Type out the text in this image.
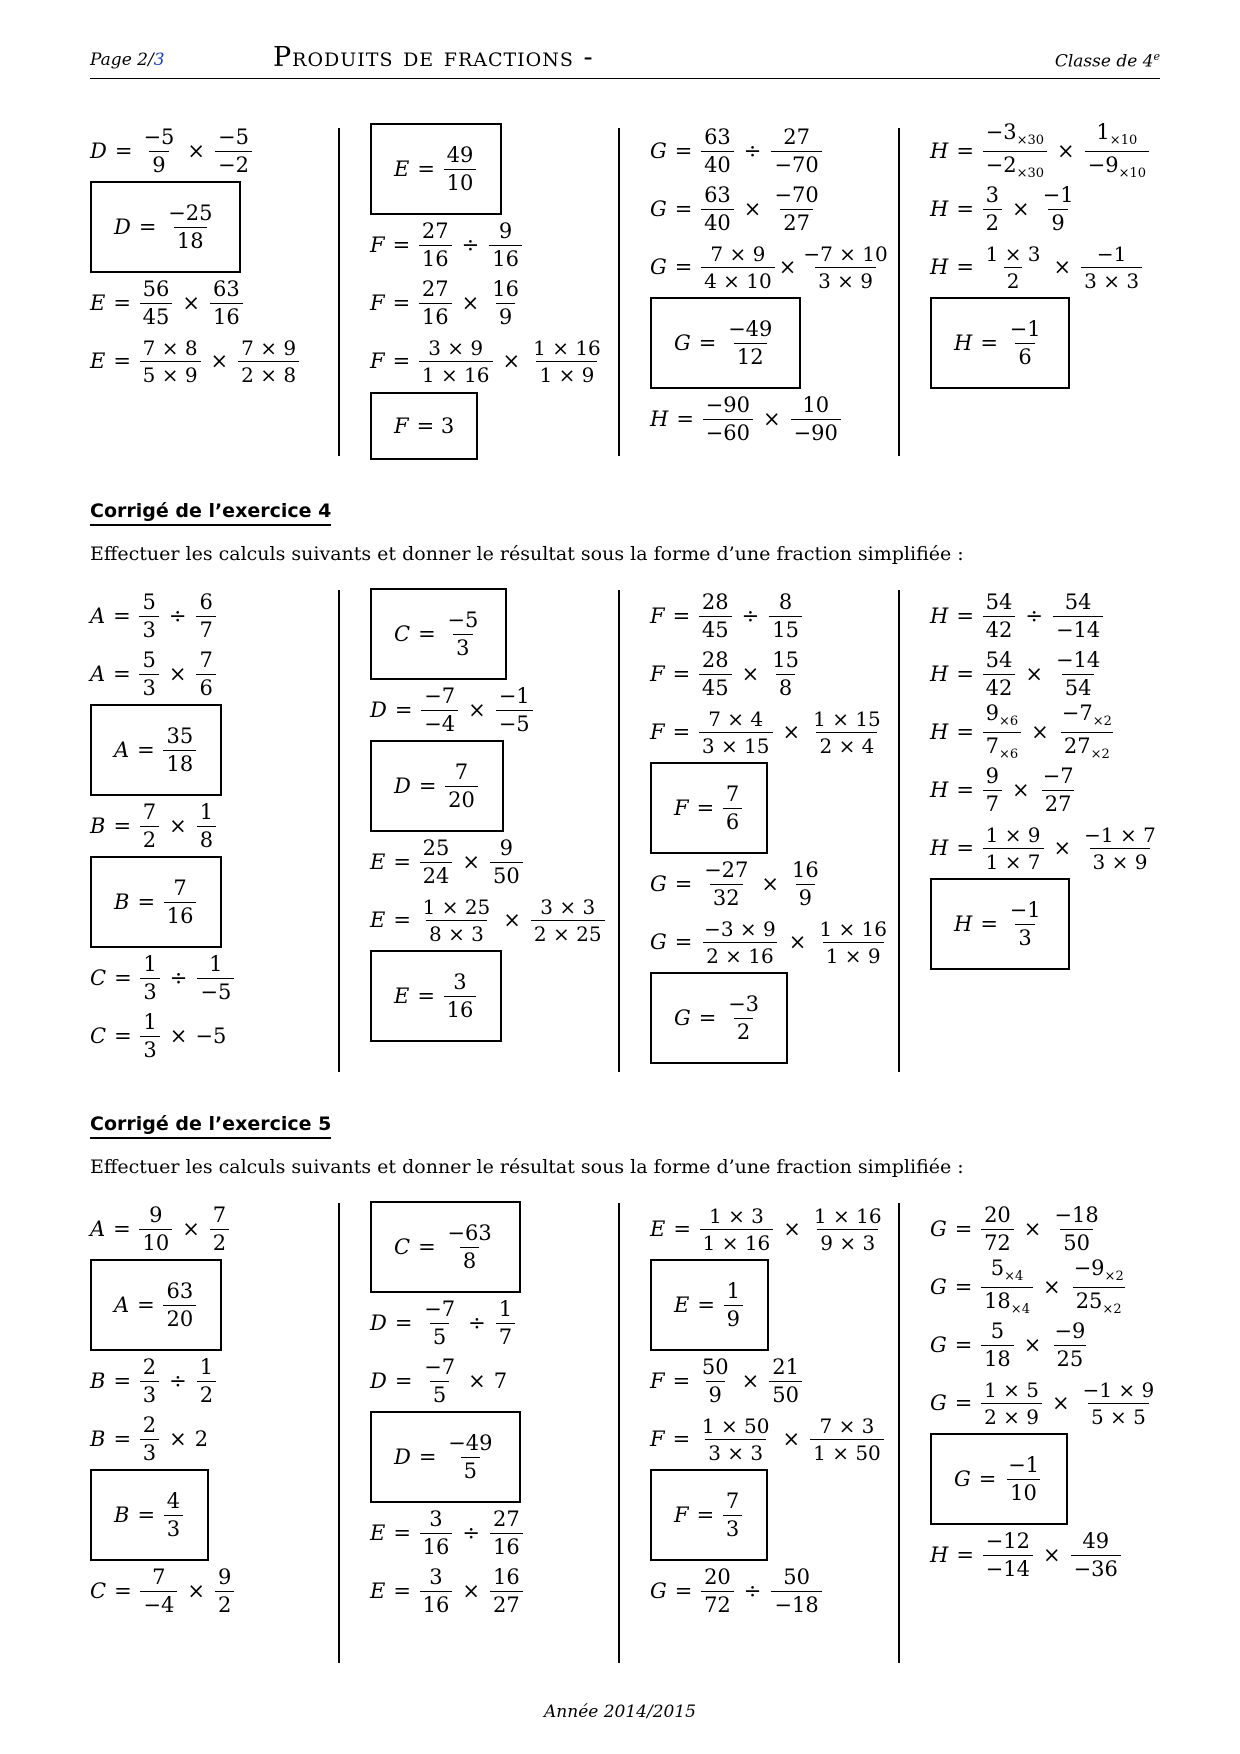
Page 2/3	Produits de fractions -	Classe de 4e
$D = \frac{-5}{9} \times \frac{-5}{-2}$
$D = \frac{-25}{18}$
$E = \frac{56}{45} \times \frac{63}{16}$
$E = \frac{7 \times 8}{5 \times 9} \times \frac{7 \times 9}{2 \times 8}$
$E = \frac{49}{10}$
$F = \frac{27}{16} \div \frac{9}{16}$
$F = \frac{27}{16} \times \frac{16}{9}$
$F = \frac{3 \times 9}{1 \times 16} \times \frac{1 \times 16}{1 \times 9}$
F = 3
$G = \frac{63}{40} \div \frac{27}{-70}$
$G = \frac{63}{40} \times \frac{-70}{27}$
$G = \frac{7 \times 9}{4 \times 10} \times \frac{-7 \times 10}{3 \times 9}$
$G = \frac{-49}{12}$
$H = \frac{-90}{-60} \times \frac{10}{-90}$
$H = \frac{-3_{\times 30}}{-2_{\times 30}} \times \frac{1_{\times 10}}{-9_{\times 10}}$
$H = \frac{3}{2} \times \frac{-1}{9}$
$H = \frac{1 \times 3}{2} \times \frac{-1}{3 \times 3}$
$H = \frac{-1}{6}$
Corrigé de l’exercice 4
Effectuer les calculs suivants et donner le résultat sous la forme d’une fraction simplifiée :
$A = \frac{5}{3} \div \frac{6}{7}$
$A = \frac{5}{3} \times \frac{7}{6}$
$A = \frac{35}{18}$
$B = \frac{7}{2} \times \frac{1}{8}$
$B = \frac{7}{16}$
$C = \frac{1}{3} \div \frac{1}{-5}$
$C = \frac{1}{3} \times -5$
$C = \frac{-5}{3}$
$D = \frac{-7}{-4} \times \frac{-1}{-5}$
$D = \frac{7}{20}$
$E = \frac{25}{24} \times \frac{9}{50}$
$E = \frac{1 \times 25}{8 \times 3} \times \frac{3 \times 3}{2 \times 25}$
$E = \frac{3}{16}$
$F = \frac{28}{45} \div \frac{8}{15}$
$F = \frac{28}{45} \times \frac{15}{8}$
$F = \frac{7 \times 4}{3 \times 15} \times \frac{1 \times 15}{2 \times 4}$
$F = \frac{7}{6}$
$G = \frac{-27}{32} \times \frac{16}{9}$
$G = \frac{-3 \times 9}{2 \times 16} \times \frac{1 \times 16}{1 \times 9}$
$G = \frac{-3}{2}$
$H = \frac{54}{42} \div \frac{54}{-14}$
$H = \frac{54}{42} \times \frac{-14}{54}$
$H = \frac{9_{\times 6}}{7_{\times 6}} \times \frac{-7_{\times 2}}{27_{\times 2}}$
$H = \frac{9}{7} \times \frac{-7}{27}$
$H = \frac{1 \times 9}{1 \times 7} \times \frac{-1 \times 7}{3 \times 9}$
$H = \frac{-1}{3}$
Corrigé de l’exercice 5
Effectuer les calculs suivants et donner le résultat sous la forme d’une fraction simplifiée :
$A = \frac{9}{10} \times \frac{7}{2}$
$A = \frac{63}{20}$
$B = \frac{2}{3} \div \frac{1}{2}$
$B = \frac{2}{3} \times 2$
$B = \frac{4}{3}$
$C = \frac{7}{-4} \times \frac{9}{2}$
$C = \frac{-63}{8}$
$D = \frac{-7}{5} \div \frac{1}{7}$
$D = \frac{-7}{5} \times 7$
$D = \frac{-49}{5}$
$E = \frac{3}{16} \div \frac{27}{16}$
$E = \frac{3}{16} \times \frac{16}{27}$
$E = \frac{1 \times 3}{1 \times 16} \times \frac{1 \times 16}{9 \times 3}$
$E = \frac{1}{9}$
$F = \frac{50}{9} \times \frac{21}{50}$
$F = \frac{1 \times 50}{3 \times 3} \times \frac{7 \times 3}{1 \times 50}$
$F = \frac{7}{3}$
$G = \frac{20}{72} \div \frac{50}{-18}$
$G = \frac{20}{72} \times \frac{-18}{50}$
$G = \frac{5_{\times 4}}{18_{\times 4}} \times \frac{-9_{\times 2}}{25_{\times 2}}$
$G = \frac{5}{18} \times \frac{-9}{25}$
$G = \frac{1 \times 5}{2 \times 9} \times \frac{-1 \times 9}{5 \times 5}$
$G = \frac{-1}{10}$
$H = \frac{-12}{-14} \times \frac{49}{-36}$
Année 2014/2015
